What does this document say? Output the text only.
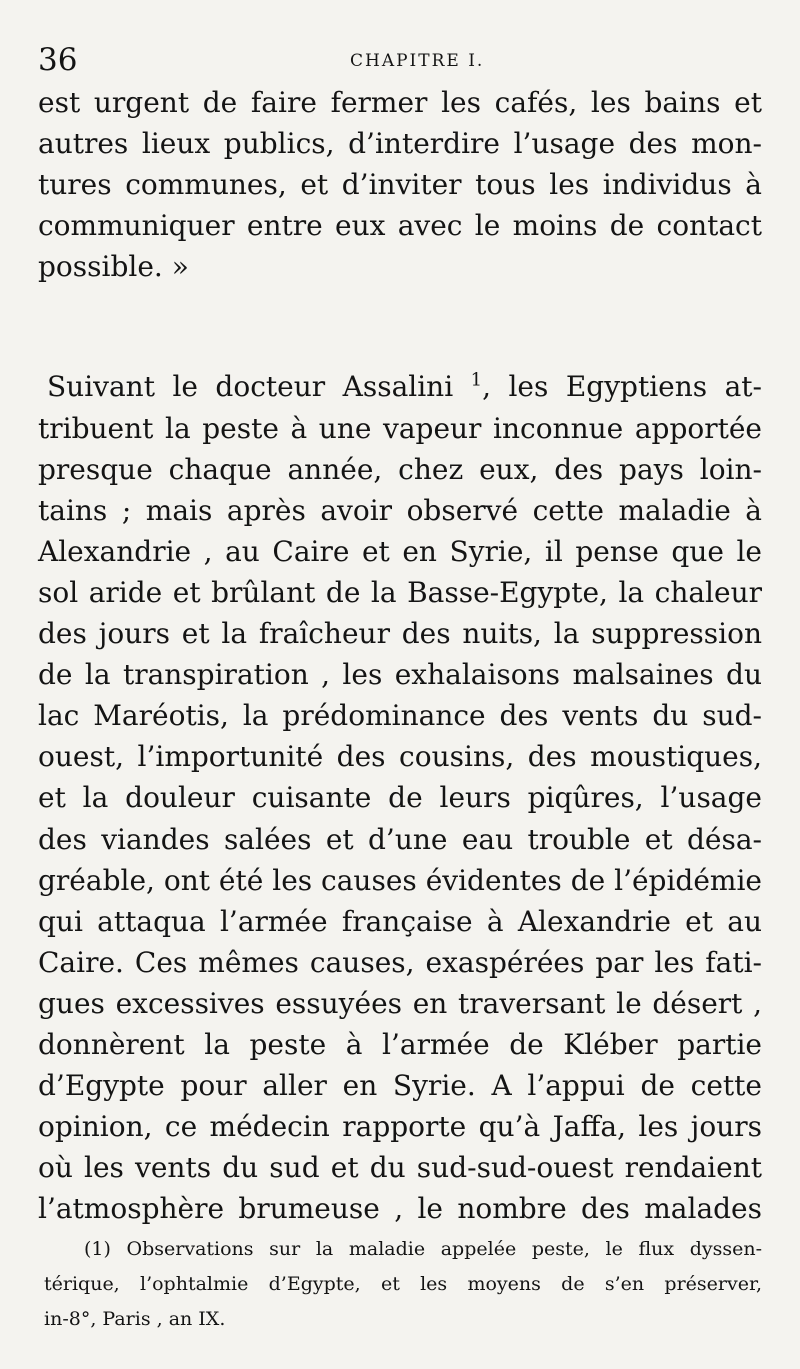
36	CHAPITRE I.
est urgent de faire fermer les cafés, les bains et
autres lieux publics, d’interdire l’usage des mon-
tures communes, et d’inviter tous les individus à
communiquer entre eux avec le moins de contact
possible. »
Suivant le docteur Assalini $^1$, les Egyptiens at-
tribuent la peste à une vapeur inconnue apportée
presque chaque année, chez eux, des pays loin-
tains ; mais après avoir observé cette maladie à
Alexandrie , au Caire et en Syrie, il pense que le
sol aride et brûlant de la Basse-Egypte, la chaleur
des jours et la fraîcheur des nuits, la suppression
de la transpiration , les exhalaisons malsaines du
lac Maréotis, la prédominance des vents du sud-
ouest, l’importunité des cousins, des moustiques,
et la douleur cuisante de leurs piqûres, l’usage
des viandes salées et d’une eau trouble et désa-
gréable, ont été les causes évidentes de l’épidémie
qui attaqua l’armée française à Alexandrie et au
Caire. Ces mêmes causes, exaspérées par les fati-
gues excessives essuyées en traversant le désert ,
donnèrent la peste à l’armée de Kléber partie
d’Egypte pour aller en Syrie. A l’appui de cette
opinion, ce médecin rapporte qu’à Jaffa, les jours
où les vents du sud et du sud-sud-ouest rendaient
l’atmosphère brumeuse , le nombre des malades
(1) Observations sur la maladie appelée peste, le flux dyssen-
térique, l’ophtalmie d’Egypte, et les moyens de s’en préserver,
in-8°, Paris , an IX.
